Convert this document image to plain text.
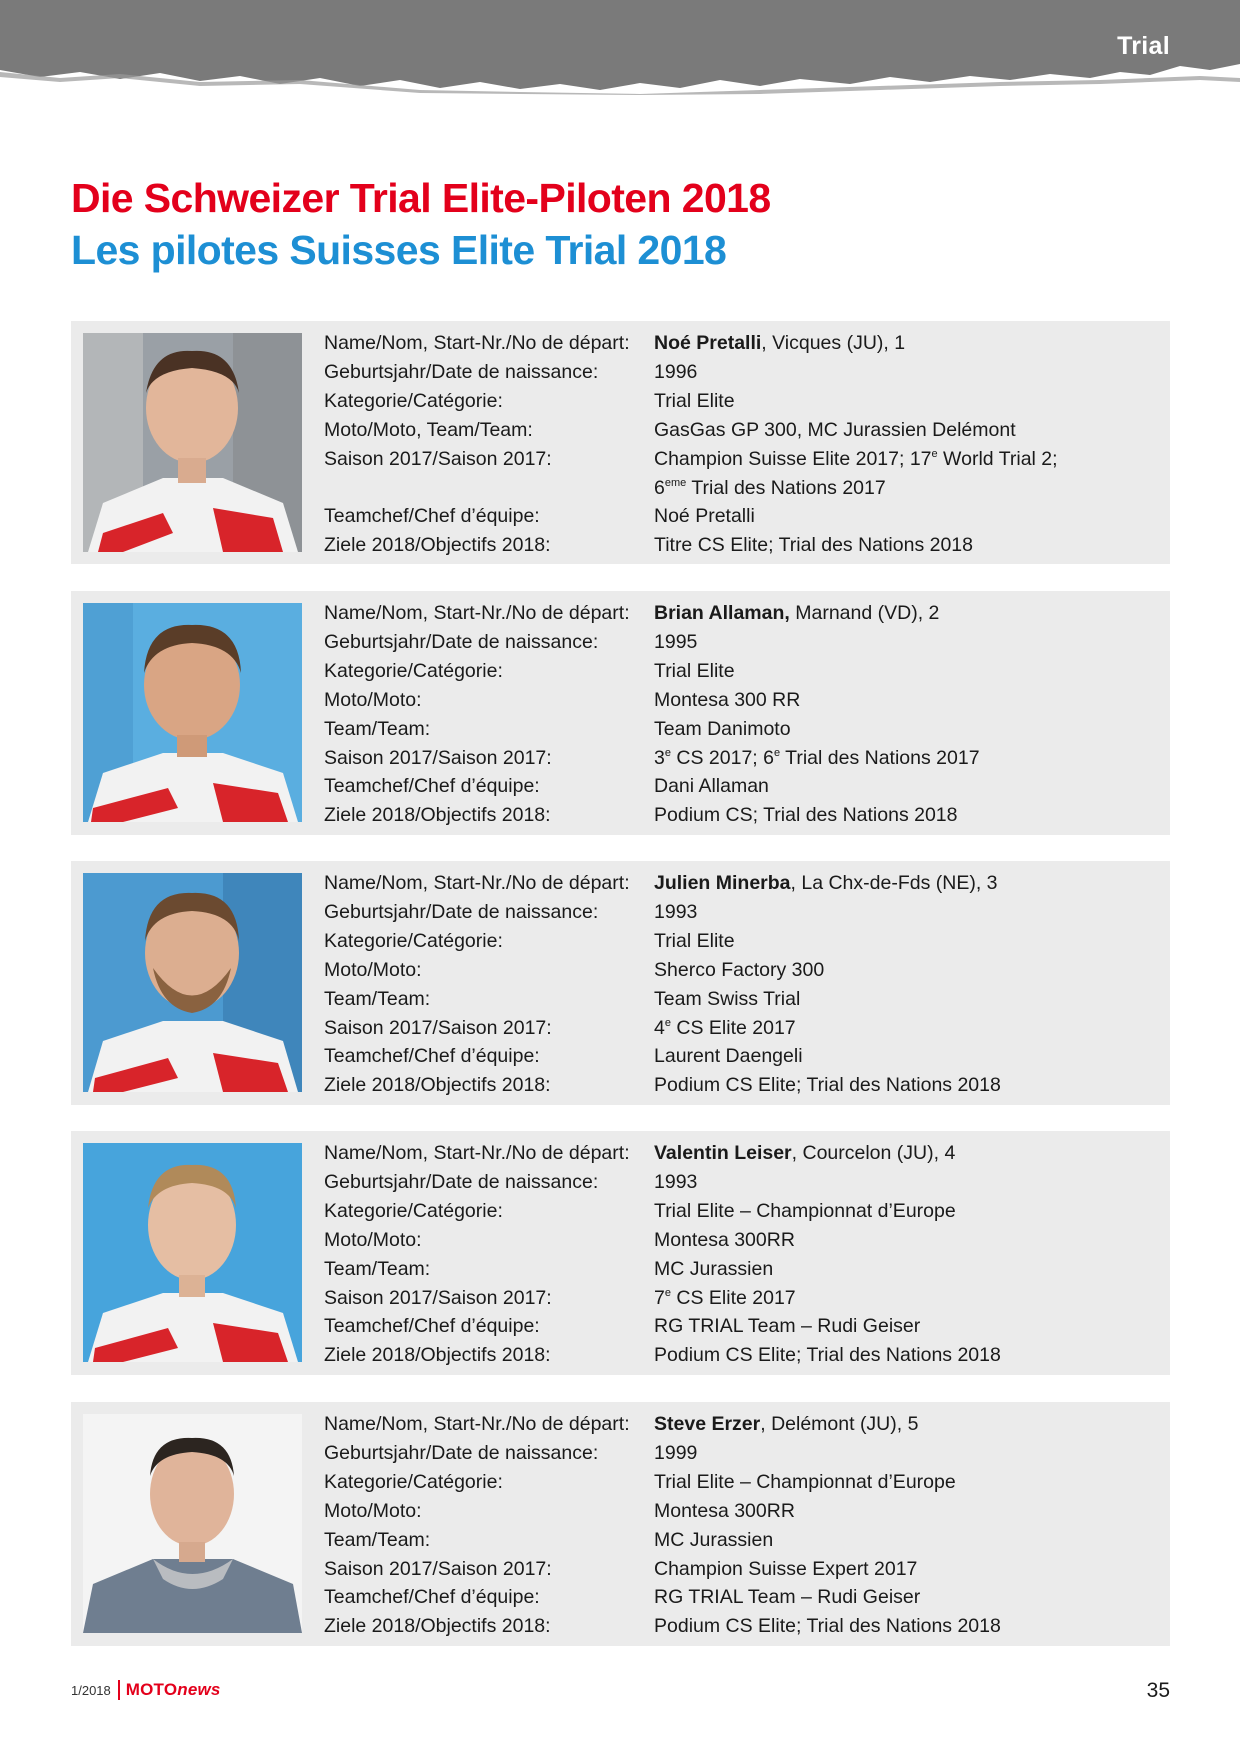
Trial
Die Schweizer Trial Elite-Piloten 2018
Les pilotes Suisses Elite Trial 2018
Name/Nom, Start-Nr./No de départ:	Noé Pretalli, Vicques (JU), 1
Geburtsjahr/Date de naissance:	1996
Kategorie/Catégorie:	Trial Elite
Moto/Moto, Team/Team:	GasGas GP 300, MC Jurassien Delémont
Saison 2017/Saison 2017:	Champion Suisse Elite 2017; 17e World Trial 2;
6eme Trial des Nations 2017
Teamchef/Chef d’équipe:	Noé Pretalli
Ziele 2018/Objectifs 2018:	Titre CS Elite; Trial des Nations 2018
Name/Nom, Start-Nr./No de départ:	Brian Allaman, Marnand (VD), 2
Geburtsjahr/Date de naissance:	1995
Kategorie/Catégorie:	Trial Elite
Moto/Moto:	Montesa 300 RR
Team/Team:	Team Danimoto
Saison 2017/Saison 2017:	3e CS 2017; 6e Trial des Nations 2017
Teamchef/Chef d’équipe:	Dani Allaman
Ziele 2018/Objectifs 2018:	Podium CS; Trial des Nations 2018
Name/Nom, Start-Nr./No de départ:	Julien Minerba, La Chx-de-Fds (NE), 3
Geburtsjahr/Date de naissance:	1993
Kategorie/Catégorie:	Trial Elite
Moto/Moto:	Sherco Factory 300
Team/Team:	Team Swiss Trial
Saison 2017/Saison 2017:	4e CS Elite 2017
Teamchef/Chef d’équipe:	Laurent Daengeli
Ziele 2018/Objectifs 2018:	Podium CS Elite; Trial des Nations 2018
Name/Nom, Start-Nr./No de départ:	Valentin Leiser, Courcelon (JU), 4
Geburtsjahr/Date de naissance:	1993
Kategorie/Catégorie:	Trial Elite – Championnat d’Europe
Moto/Moto:	Montesa 300RR
Team/Team:	MC Jurassien
Saison 2017/Saison 2017:	7e CS Elite 2017
Teamchef/Chef d’équipe:	RG TRIAL Team – Rudi Geiser
Ziele 2018/Objectifs 2018:	Podium CS Elite; Trial des Nations 2018
Name/Nom, Start-Nr./No de départ:	Steve Erzer, Delémont (JU), 5
Geburtsjahr/Date de naissance:	1999
Kategorie/Catégorie:	Trial Elite – Championnat d’Europe
Moto/Moto:	Montesa 300RR
Team/Team:	MC Jurassien
Saison 2017/Saison 2017:	Champion Suisse Expert 2017
Teamchef/Chef d’équipe:	RG TRIAL Team – Rudi Geiser
Ziele 2018/Objectifs 2018:	Podium CS Elite; Trial des Nations 2018
1/2018 MOTOnews	35
